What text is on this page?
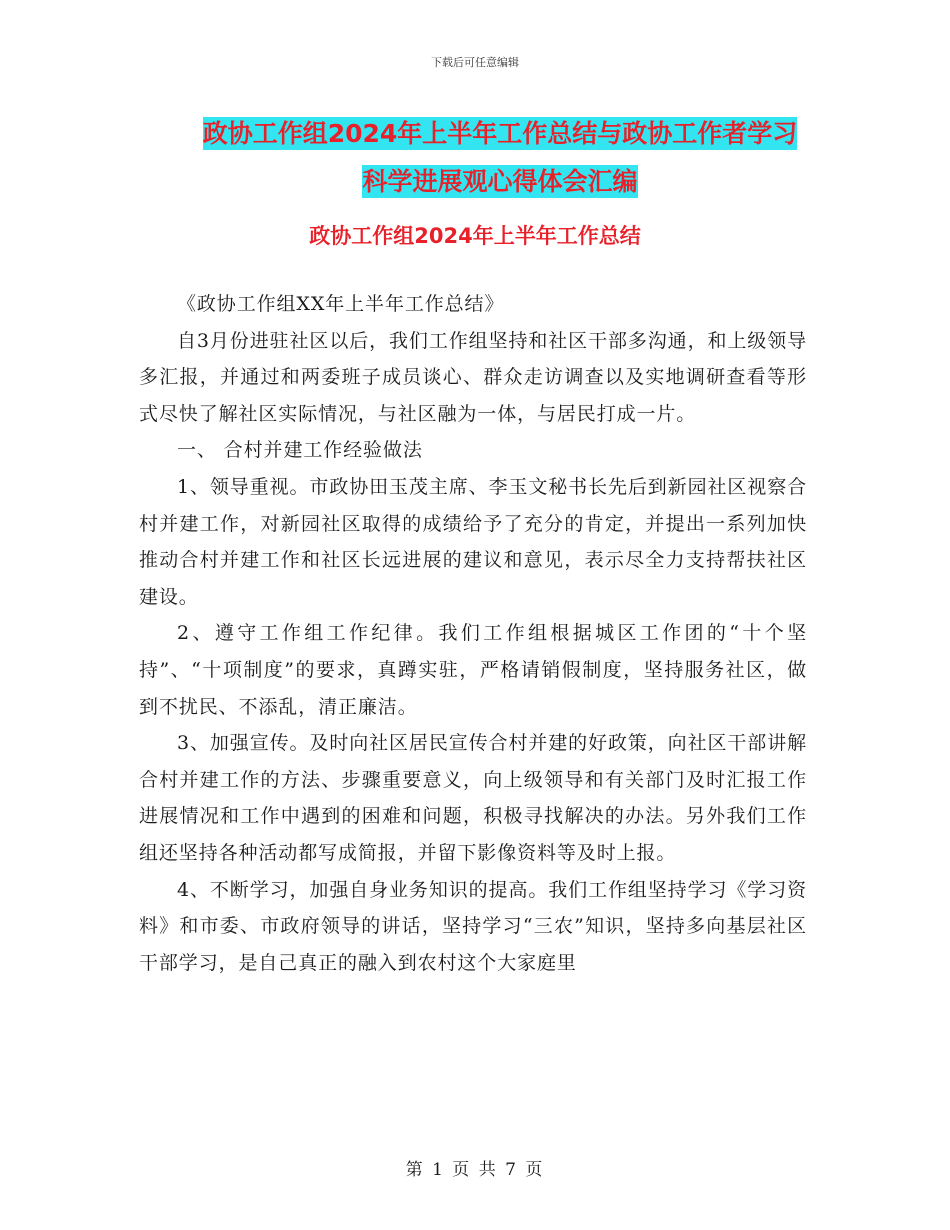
下载后可任意编辑
政协工作组2024年上半年工作总结与政协工作者学习
科学进展观心得体会汇编
政协工作组2024年上半年工作总结

《政协工作组XX年上半年工作总结》

自3月份进驻社区以后，我们工作组坚持和社区干部多沟通，和上级领导多汇报，并通过和两委班子成员谈心、群众走访调查以及实地调研查看等形式尽快了解社区实际情况，与社区融为一体，与居民打成一片。

一、 合村并建工作经验做法

1、领导重视。市政协田玉茂主席、李玉文秘书长先后到新园社区视察合村并建工作，对新园社区取得的成绩给予了充分的肯定，并提出一系列加快推动合村并建工作和社区长远进展的建议和意见，表示尽全力支持帮扶社区建设。

2、遵守工作组工作纪律。我们工作组根据城区工作团的“十个坚持”、“十项制度”的要求，真蹲实驻，严格请销假制度，坚持服务社区，做到不扰民、不添乱，清正廉洁。

3、加强宣传。及时向社区居民宣传合村并建的好政策，向社区干部讲解合村并建工作的方法、步骤重要意义，向上级领导和有关部门及时汇报工作进展情况和工作中遇到的困难和问题，积极寻找解决的办法。另外我们工作组还坚持各种活动都写成简报，并留下影像资料等及时上报。

4、不断学习，加强自身业务知识的提高。我们工作组坚持学习《学习资料》和市委、市政府领导的讲话，坚持学习“三农”知识，坚持多向基层社区干部学习，是自己真正的融入到农村这个大家庭里

第 1 页 共 7 页
